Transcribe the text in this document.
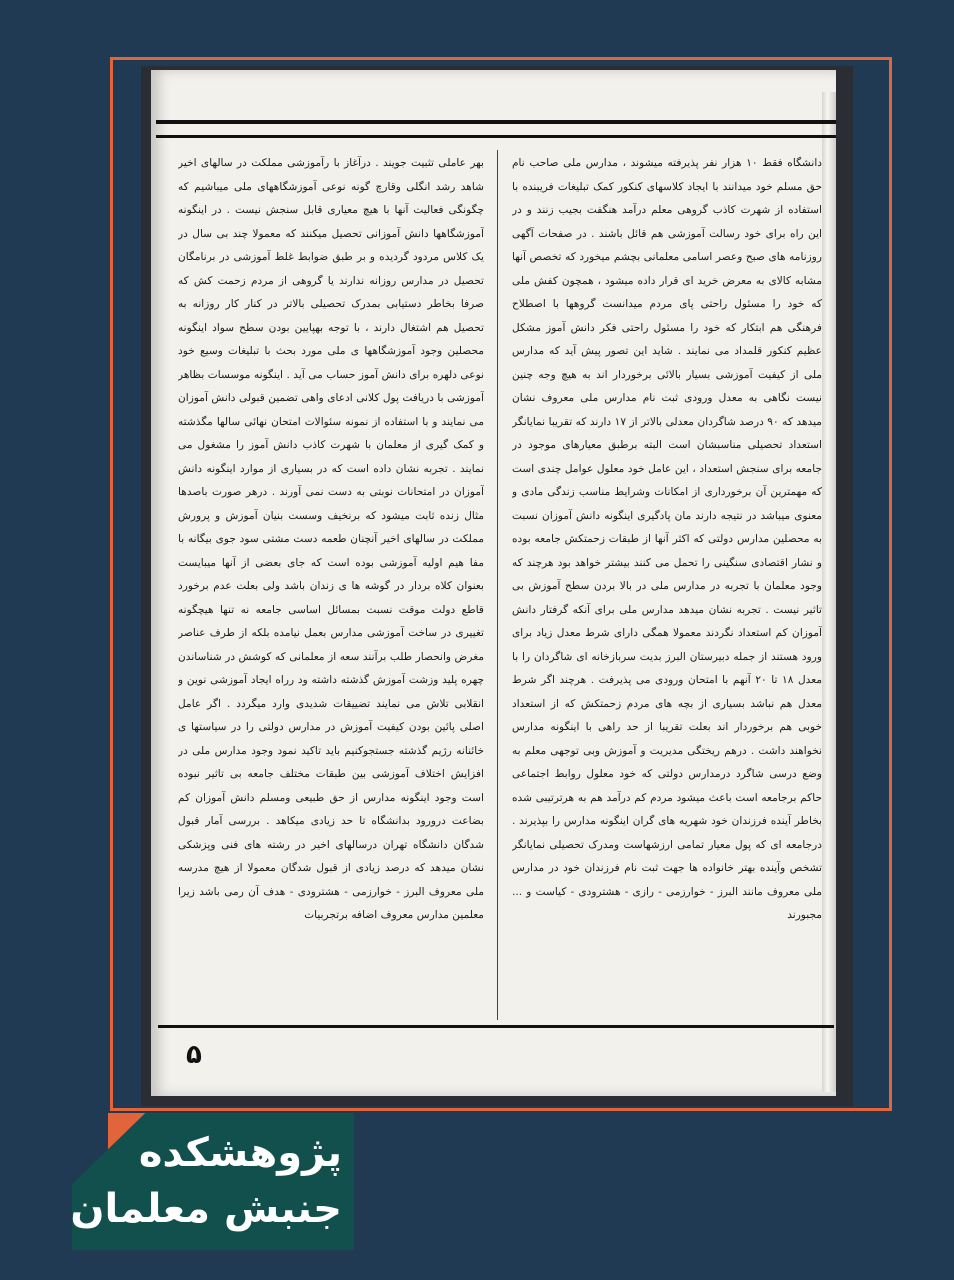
دانشگاه فقط ۱۰ هزار نفر پذیرفته میشوند ، مدارس ملی صاحب نام حق مسلم خود میدانند با ایجاد کلاسهای کنکور کمک تبلیغات فریبنده با استفاده از شهرت کاذب گروهی معلم درآمد هنگفت بجیب زنند و در این راه برای خود رسالت آموزشی هم قائل باشند . در صفحات آگهی روزنامه های صبح وعصر اسامی معلمانی بچشم میخورد که تخصص آنها مشابه کالای به معرض خرید ای قرار داده میشود ، همچون کفش ملی که خود را مسئول راحتی پای مردم میدانست گروهها با اصطلاح فرهنگی هم ابتکار که خود را مسئول راحتی فکر دانش آموز مشکل عظیم کنکور قلمداد می نمایند . شاید این تصور پیش آید که مدارس ملی از کیفیت آموزشی بسیار بالائی برخوردار اند به هیچ وجه چنین نیست نگاهی به معدل ورودی ثبت نام مدارس ملی معروف نشان میدهد که ۹۰ درصد شاگردان معدلی بالاتر از ۱۷ دارند که تقریبا نمایانگر استعداد تحصیلی مناسبشان است البته برطبق معیارهای موجود در جامعه برای سنجش استعداد ، این عامل خود معلول عوامل چندی است که مهمترین آن برخورداری از امکانات وشرایط مناسب زندگی مادی و معنوی میباشد در نتیجه دارند مان پادگیری اینگونه دانش آموزان نسبت به محصلین مدارس دولتی که اکثر آنها از طبقات زحمتکش جامعه بوده و نشار اقتصادی سنگینی را تحمل می کنند بیشتر خواهد بود هرچند که وجود معلمان با تجربه در مدارس ملی در بالا بردن سطح آموزش بی تاثیر نیست . تجربه نشان میدهد مدارس ملی برای آنکه گرفتار دانش آموزان کم استعداد نگردند معمولا همگی دارای شرط معدل زیاد برای ورود هستند از جمله دبیرستان البرز بدیت سربازخانه ای شاگردان را با معدل ۱۸ تا ۲۰ آنهم با امتحان ورودی می پذیرفت . هرچند اگر شرط معدل هم نباشد بسیاری از بچه های مردم زحمتکش که از استعداد خوبی هم برخوردار اند بعلت تقریبا از حد راهی با اینگونه مدارس نخواهند داشت . درهم ریختگی مدیریت و آموزش وبی توجهی معلم به وضع درسی شاگرد درمدارس دولتی که خود معلول روابط اجتماعی حاکم برجامعه است باعث میشود مردم کم درآمد هم به هرترتیبی شده بخاطر آینده فرزندان خود شهریه های گران اینگونه مدارس را بپذیرند . درجامعه ای که پول معیار تمامی ارزشهاست ومدرک تحصیلی نمایانگر تشخص وآینده بهتر خانواده ها جهت ثبت نام فرزندان خود در مدارس ملی معروف مانند البرز - خوارزمی - رازی - هشترودی - کیاست و ... مجبورند

بهر عاملی تثبیت جویند . درآغاز با رآموزشی مملکت در سالهای اخیر شاهد رشد انگلی وقارچ گونه نوعی آموزشگاههای ملی میباشیم که چگونگی فعالیت آنها با هیچ معیاری قابل سنجش نیست . در اینگونه آموزشگاهها دانش آموزانی تحصیل میکنند که معمولا چند بی سال در یک کلاس مردود گردیده و بر طبق ضوابط غلط آموزشی در برنامگان تحصیل در مدارس روزانه ندارند یا گروهی از مردم زحمت کش که صرفا بخاطر دستیابی بمدرک تحصیلی بالاتر در کنار کار روزانه به تحصیل هم اشتغال دارند ، با توجه بهپایین بودن سطح سواد اینگونه محصلین وجود آموزشگاهها ی ملی مورد بحث با تبلیغات وسیع خود نوعی دلهره برای دانش آموز حساب می آید . اینگونه موسسات بظاهر آموزشی با دریافت پول کلانی ادعای واهی تضمین قبولی دانش آموزان می نمایند و با استفاده از نمونه سئوالات امتحان نهائی سالها مگذشته و کمک گیری از معلمان با شهرت کاذب دانش آموز را مشغول می نمایند . تجربه نشان داده است که در بسیاری از موارد اینگونه دانش آموزان در امتحانات نوبتی به دست نمی آورند . درهر صورت باصدها مثال زنده ثابت میشود که برنخیف وسست بنیان آموزش و پرورش مملکت در سالهای اخیر آنچنان طعمه دست مشتی سود جوی بیگانه با مفا هیم اولیه آموزشی بوده است که جای بعضی از آنها میبایست بعنوان کلاه بردار در گوشه ها ی زندان باشد ولی بعلت عدم برخورد قاطع دولت موقت نسبت بمسائل اساسی جامعه نه تنها هیچگونه تغییری در ساخت آموزشی مدارس بعمل نیامده بلکه از طرف عناصر مغرض وانحصار طلب برآنند سعه از معلمانی که کوشش در شناساندن چهره پلید وزشت آموزش گذشته داشته ود رراه ایجاد آموزشی نوین و انقلابی تلاش می نمایند تضییقات شدیدی وارد میگردد . اگر عامل اصلی پائین بودن کیفیت آموزش در مدارس دولتی را در سیاستها ی خائنانه رژیم گذشته جستجوکنیم باید تاکید نمود وجود مدارس ملی در افزایش اختلاف آموزشی بین طبقات مختلف جامعه بی تاثیر نبوده است وجود اینگونه مدارس از حق طبیعی ومسلم دانش آموزان کم بضاعت درورود بدانشگاه تا حد زیادی میکاهد . بررسی آمار قبول شدگان دانشگاه تهران درسالهای اخیر در رشته های فنی وپزشکی نشان میدهد که درصد زیادی از قبول شدگان معمولا از هیچ مدرسه ملی معروف البرز - خوارزمی - هشترودی - هدف آن رمی باشد زیرا معلمین مدارس معروف اضافه برتجربیات

۵
پژوهشکده
جنبش معلمان
